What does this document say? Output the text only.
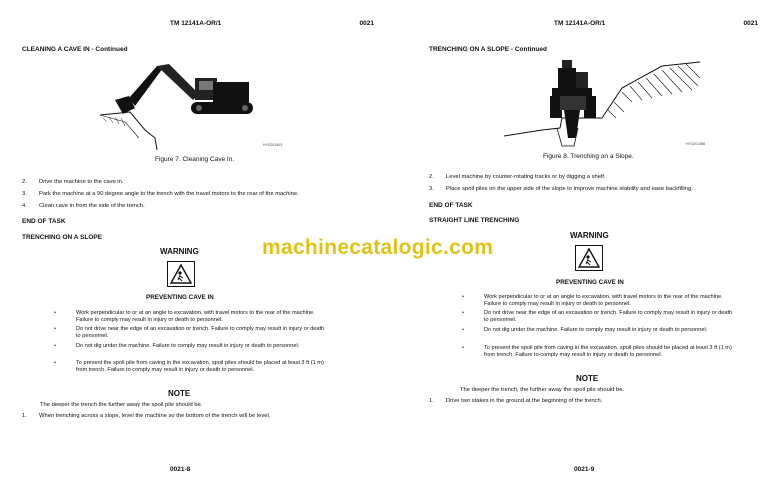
TM 12141A-OR/1	0021
CLEANING A CAVE IN - Continued
HYD201503
Figure 7. Cleaning Cave In.
2. Drive the machine to the cave in.
3. Park the machine at a 90 degree angle to the trench with the travel motors to the rear of the machine.
4. Clean cave in from the side of the trench.
END OF TASK
TRENCHING ON A SLOPE
WARNING
PREVENTING CAVE IN
•	Work perpendicular to or at an angle to excavation, with travel motors to the rear of the machine. Failure to comply may result in injury or death to personnel.
•	Do not drive near the edge of an excavation or trench. Failure to comply may result in injury or death to personnel.
•	Do not dig under the machine. Failure to comply may result in injury or death to personnel.
•	To prevent the spoil pile from caving in the excavation, spoil piles should be placed at least 3 ft (1 m) from trench. Failure to comply may result in injury or death to personnel.
NOTE
The deeper the trench the further away the spoil pile should be.
1. When trenching across a slope, level the machine so the bottom of the trench will be level.
0021-8
TM 12141A-OR/1	0021
TRENCHING ON A SLOPE - Continued
HYD201488
Figure 8. Trenching on a Slope.
2. Level machine by counter-rotating tracks or by digging a shelf.
3. Place spoil piles on the upper side of the slope to improve machine stability and ease backfilling.
END OF TASK
STRAIGHT LINE TRENCHING
WARNING
PREVENTING CAVE IN
•	Work perpendicular to or at an angle to excavation, with travel motors to the rear of the machine. Failure to comply may result in injury or death to personnel.
•	Do not drive near the edge of an excavation or trench. Failure to comply may result in injury or death to personnel.
•	Do not dig under the machine. Failure to comply may result in injury or death to personnel.
•	To prevent the spoil pile from caving in the excavation, spoil piles should be placed at least 3 ft (1 m) from trench. Failure to comply may result in injury or death to personnel.
NOTE
The deeper the trench, the further away the spoil pile should be.
1. Drive two stakes in the ground at the beginning of the trench.
0021-9
machinecatalogic.com
